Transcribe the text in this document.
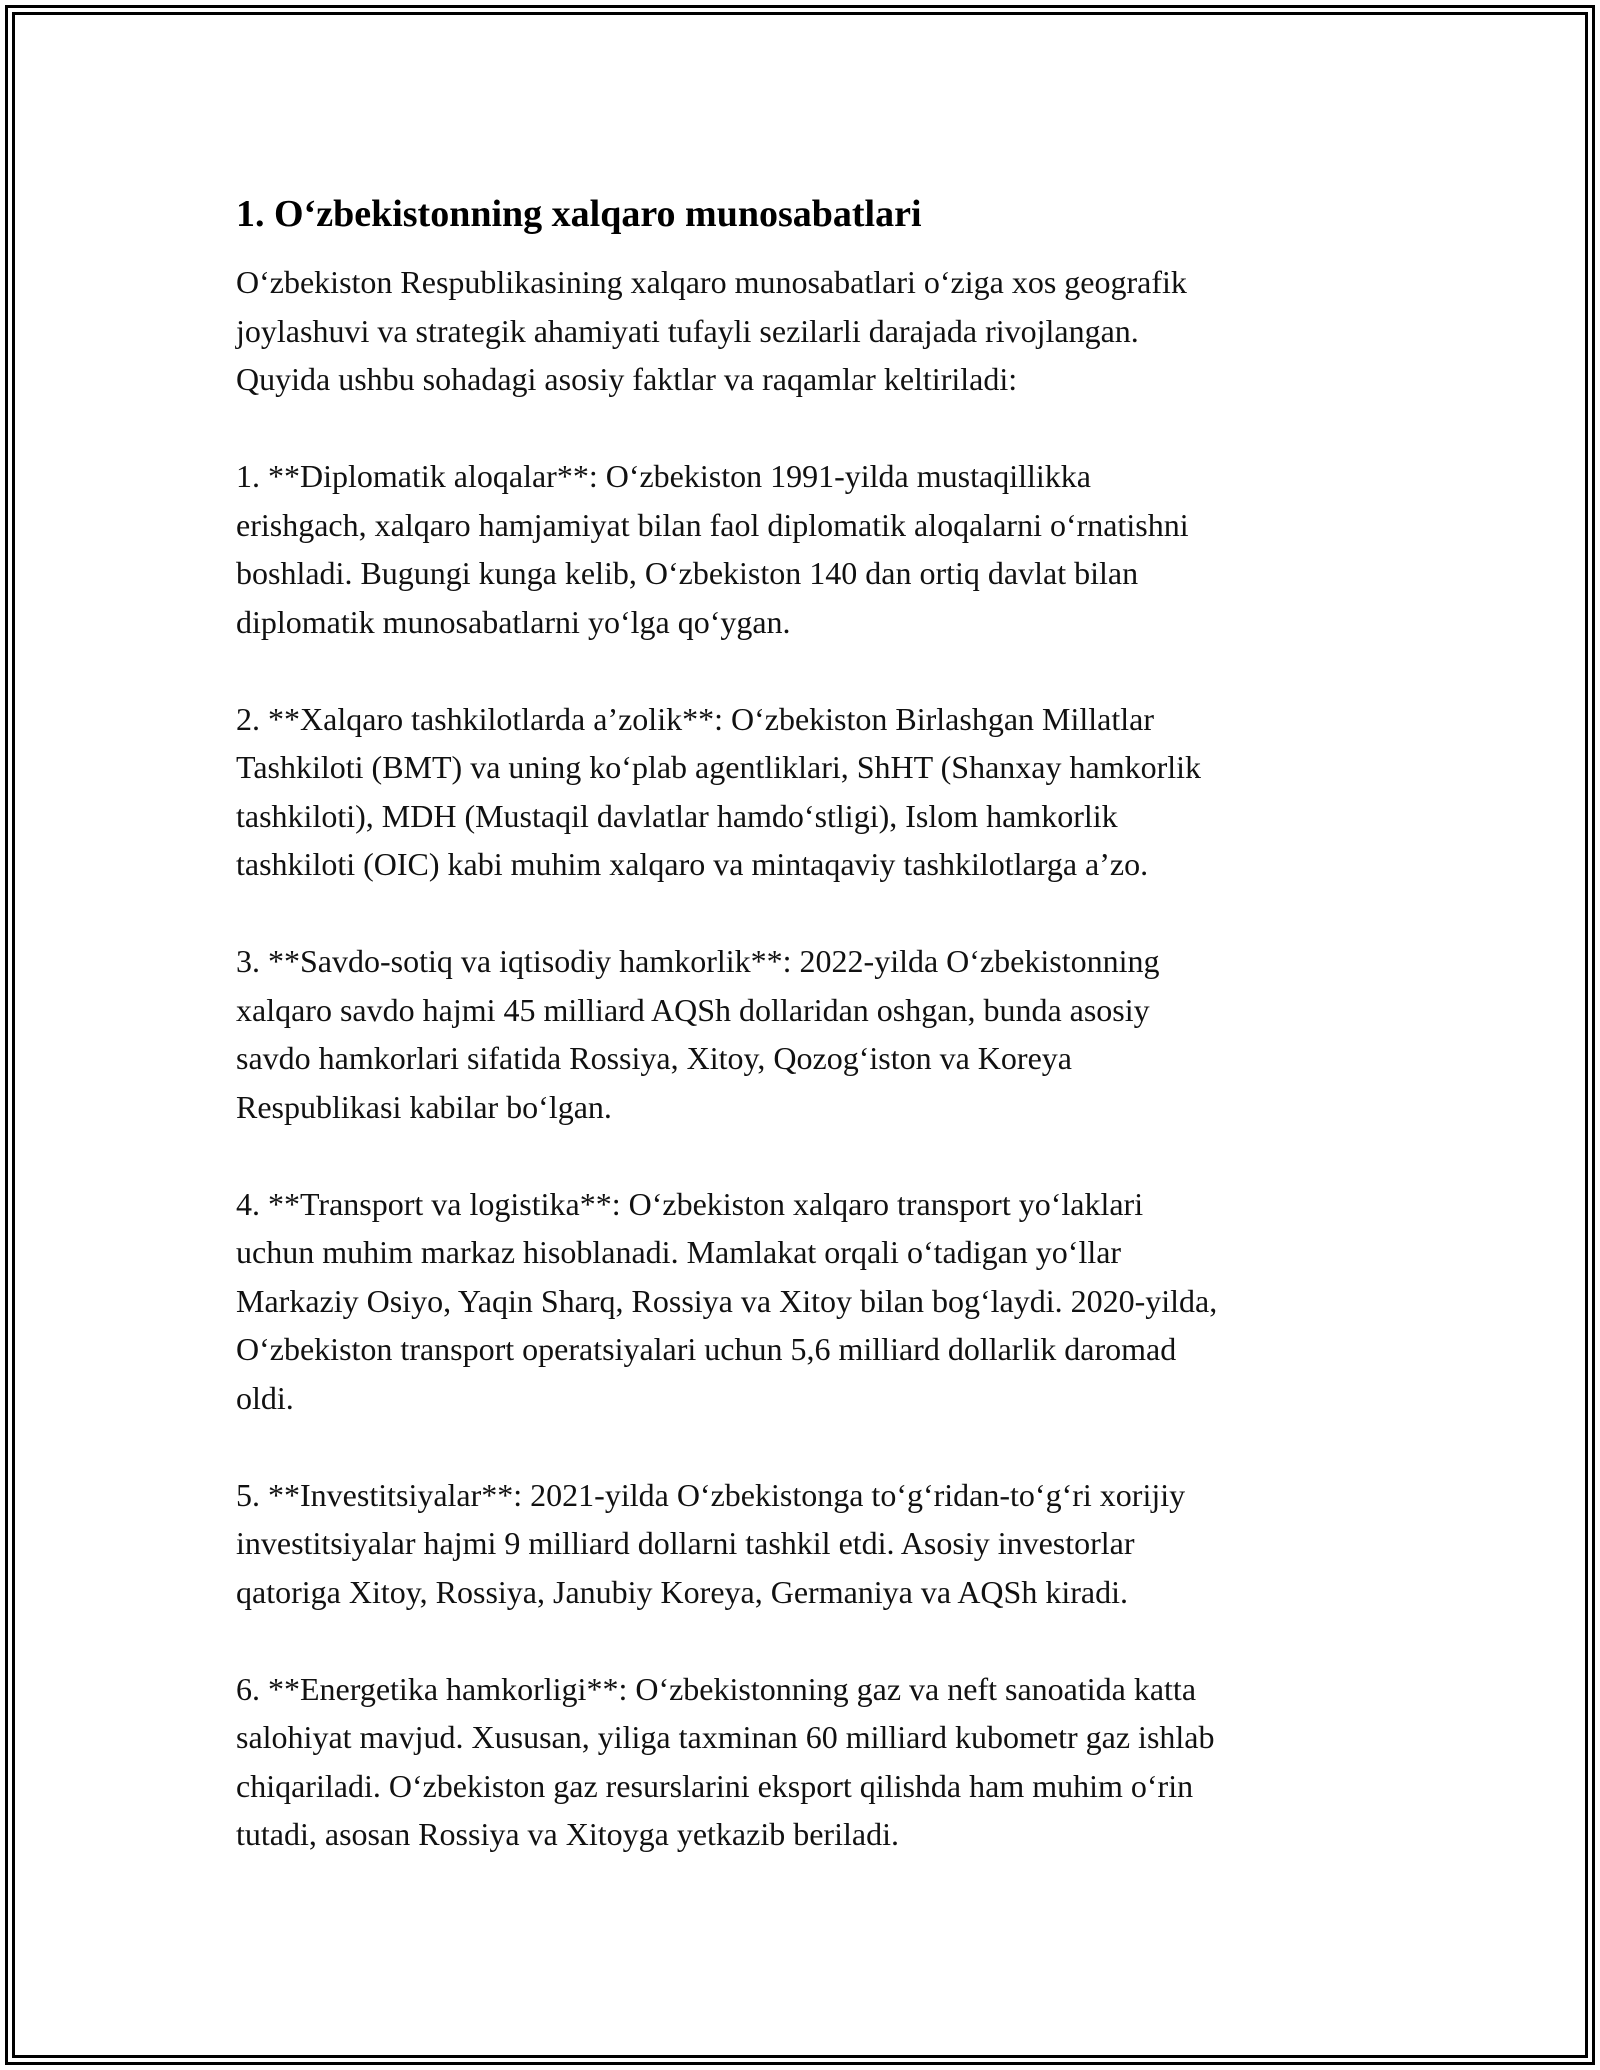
1. O‘zbekistonning xalqaro munosabatlari

O‘zbekiston Respublikasining xalqaro munosabatlari o‘ziga xos geografik
joylashuvi va strategik ahamiyati tufayli sezilarli darajada rivojlangan.
Quyida ushbu sohadagi asosiy faktlar va raqamlar keltiriladi:

1. **Diplomatik aloqalar**: O‘zbekiston 1991-yilda mustaqillikka
erishgach, xalqaro hamjamiyat bilan faol diplomatik aloqalarni o‘rnatishni
boshladi. Bugungi kunga kelib, O‘zbekiston 140 dan ortiq davlat bilan
diplomatik munosabatlarni yo‘lga qo‘ygan.

2. **Xalqaro tashkilotlarda a’zolik**: O‘zbekiston Birlashgan Millatlar
Tashkiloti (BMT) va uning ko‘plab agentliklari, ShHT (Shanxay hamkorlik
tashkiloti), MDH (Mustaqil davlatlar hamdo‘stligi), Islom hamkorlik
tashkiloti (OIC) kabi muhim xalqaro va mintaqaviy tashkilotlarga a’zo.

3. **Savdo-sotiq va iqtisodiy hamkorlik**: 2022-yilda O‘zbekistonning
xalqaro savdo hajmi 45 milliard AQSh dollaridan oshgan, bunda asosiy
savdo hamkorlari sifatida Rossiya, Xitoy, Qozog‘iston va Koreya
Respublikasi kabilar bo‘lgan.

4. **Transport va logistika**: O‘zbekiston xalqaro transport yo‘laklari
uchun muhim markaz hisoblanadi. Mamlakat orqali o‘tadigan yo‘llar
Markaziy Osiyo, Yaqin Sharq, Rossiya va Xitoy bilan bog‘laydi. 2020-yilda,
O‘zbekiston transport operatsiyalari uchun 5,6 milliard dollarlik daromad
oldi.

5. **Investitsiyalar**: 2021-yilda O‘zbekistonga to‘g‘ridan-to‘g‘ri xorijiy
investitsiyalar hajmi 9 milliard dollarni tashkil etdi. Asosiy investorlar
qatoriga Xitoy, Rossiya, Janubiy Koreya, Germaniya va AQSh kiradi.

6. **Energetika hamkorligi**: O‘zbekistonning gaz va neft sanoatida katta
salohiyat mavjud. Xususan, yiliga taxminan 60 milliard kubometr gaz ishlab
chiqariladi. O‘zbekiston gaz resurslarini eksport qilishda ham muhim o‘rin
tutadi, asosan Rossiya va Xitoyga yetkazib beriladi.
